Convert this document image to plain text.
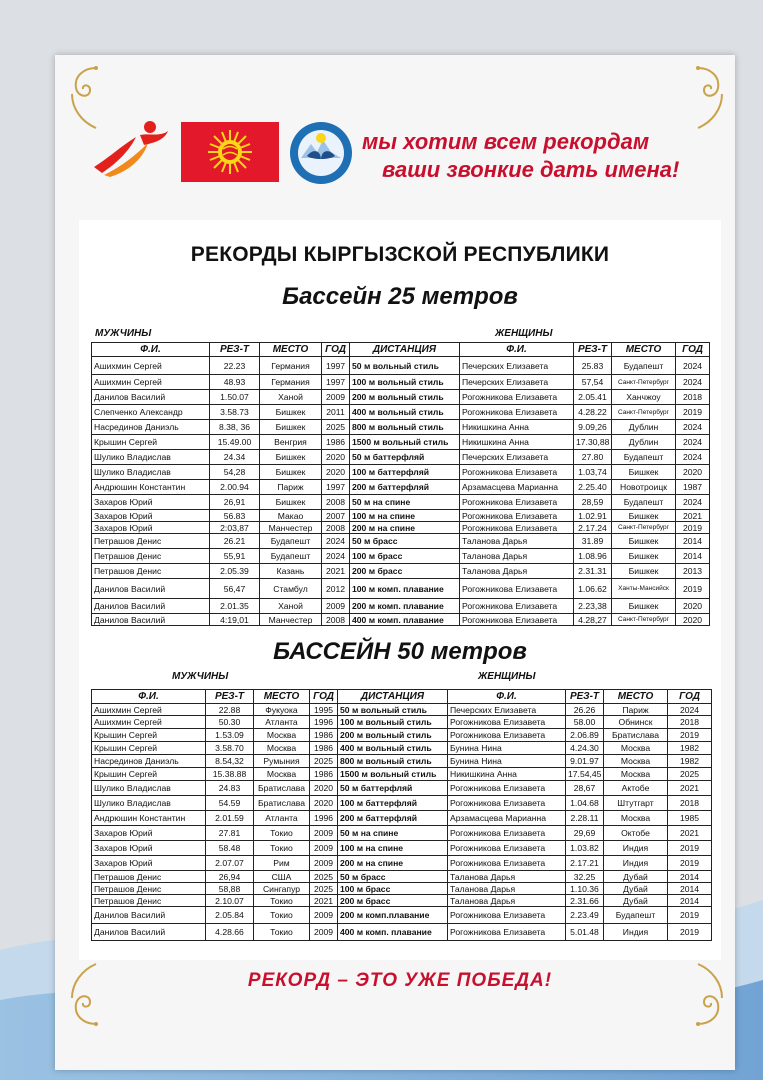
мы хотим всем рекордам
ваши звонкие дать имена!
РЕКОРДЫ КЫРГЫЗСКОЙ РЕСПУБЛИКИ
Бассейн 25 метров
МУЖЧИНЫ	ЖЕНЩИНЫ
Ф.И.	РЕЗ-Т	МЕСТО	ГОД	ДИСТАНЦИЯ	Ф.И.	РЕЗ-Т	МЕСТО	ГОД
Ашихмин Сергей	22.23	Германия	1997	50 м вольный стиль	Печерских Елизавета	25.83	Будапешт	2024
Ашихмин Сергей	48.93	Германия	1997	100 м вольный стиль	Печерских Елизавета	57,54	Санкт-Петербург	2024
Данилов Василий	1.50.07	Ханой	2009	200 м вольный стиль	Рогожникова Елизавета	2.05.41	Ханчжоу	2018
Слепченко Александр	3.58.73	Бишкек	2011	400 м вольный стиль	Рогожникова Елизавета	4.28.22	Санкт-Петербург	2019
Насрединов Даниэль	8.38, 36	Бишкек	2025	800 м вольный стиль	Никишкина Анна	9.09,26	Дублин	2024
Крышин Сергей	15.49.00	Венгрия	1986	1500 м вольный стиль	Никишкина Анна	17.30,88	Дублин	2024
Шулико Владислав	24.34	Бишкек	2020	50 м баттерфляй	Печерских Елизавета	27.80	Будапешт	2024
Шулико Владислав	54,28	Бишкек	2020	100 м баттерфляй	Рогожникова Елизавета	1.03,74	Бишкек	2020
Андрюшин Константин	2.00.94	Париж	1997	200 м баттерфляй	Арзамасцева Марианна	2.25.40	Новотроицк	1987
Захаров Юрий	26,91	Бишкек	2008	50 м на спине	Рогожникова Елизавета	28,59	Будапешт	2024
Захаров Юрий	56.83	Макао	2007	100 м на спине	Рогожникова Елизавета	1.02.91	Бишкек	2021
Захаров Юрий	2:03,87	Манчестер	2008	200 м на спине	Рогожникова Елизавета	2.17.24	Санкт-Петербург	2019
Петрашов Денис	26.21	Будапешт	2024	50 м брасс	Таланова Дарья	31.89	Бишкек	2014
Петрашов Денис	55,91	Будапешт	2024	100 м брасс	Таланова Дарья	1.08.96	Бишкек	2014
Петрашов Денис	2.05.39	Казань	2021	200 м брасс	Таланова Дарья	2.31.31	Бишкек	2013
Данилов Василий	56,47	Стамбул	2012	100 м комп. плавание	Рогожникова Елизавета	1.06.62	Ханты-Мансийск	2019
Данилов Василий	2.01.35	Ханой	2009	200 м комп. плавание	Рогожникова Елизавета	2.23,38	Бишкек	2020
Данилов Василий	4:19,01	Манчестер	2008	400 м комп. плавание	Рогожникова Елизавета	4.28,27	Санкт-Петербург	2020
БАССЕЙН 50 метров
МУЖЧИНЫ	ЖЕНЩИНЫ
Ф.И.	РЕЗ-Т	МЕСТО	ГОД	ДИСТАНЦИЯ	Ф.И.	РЕЗ-Т	МЕСТО	ГОД
Ашихмин Сергей	22.88	Фукуока	1995	50 м вольный стиль	Печерских Елизавета	26.26	Париж	2024
Ашихмин Сергей	50.30	Атланта	1996	100 м вольный стиль	Рогожникова Елизавета	58.00	Обнинск	2018
Крышин Сергей	1.53.09	Москва	1986	200 м вольный стиль	Рогожникова Елизавета	2.06.89	Братислава	2019
Крышин Сергей	3.58.70	Москва	1986	400 м вольный стиль	Бунина Нина	4.24.30	Москва	1982
Насрединов Даниэль	8.54,32	Румыния	2025	800 м вольный стиль	Бунина Нина	9.01.97	Москва	1982
Крышин Сергей	15.38.88	Москва	1986	1500 м вольный стиль	Никишкина Анна	17.54,45	Москва	2025
Шулико Владислав	24.83	Братислава	2020	50 м баттерфляй	Рогожникова Елизавета	28,67	Актобе	2021
Шулико Владислав	54.59	Братислава	2020	100 м баттерфляй	Рогожникова Елизавета	1.04.68	Штутгарт	2018
Андрюшин Константин	2.01.59	Атланта	1996	200 м баттерфляй	Арзамасцева Марианна	2.28.11	Москва	1985
Захаров Юрий	27.81	Токио	2009	50 м на спине	Рогожникова Елизавета	29,69	Октобе	2021
Захаров Юрий	58.48	Токио	2009	100 м на спине	Рогожникова Елизавета	1.03.82	Индия	2019
Захаров Юрий	2.07.07	Рим	2009	200 м на спине	Рогожникова Елизавета	2.17.21	Индия	2019
Петрашов Денис	26,94	США	2025	50 м брасс	Таланова Дарья	32.25	Дубай	2014
Петрашов Денис	58,88	Сингапур	2025	100 м брасс	Таланова Дарья	1.10.36	Дубай	2014
Петрашов Денис	2.10.07	Токио	2021	200 м брасс	Таланова Дарья	2.31.66	Дубай	2014
Данилов Василий	2.05.84	Токио	2009	200 м комп.плавание	Рогожникова Елизавета	2.23.49	Будапешт	2019
Данилов Василий	4.28.66	Токио	2009	400 м комп. плавание	Рогожникова Елизавета	5.01.48	Индия	2019
РЕКОРД – ЭТО УЖЕ ПОБЕДА!
